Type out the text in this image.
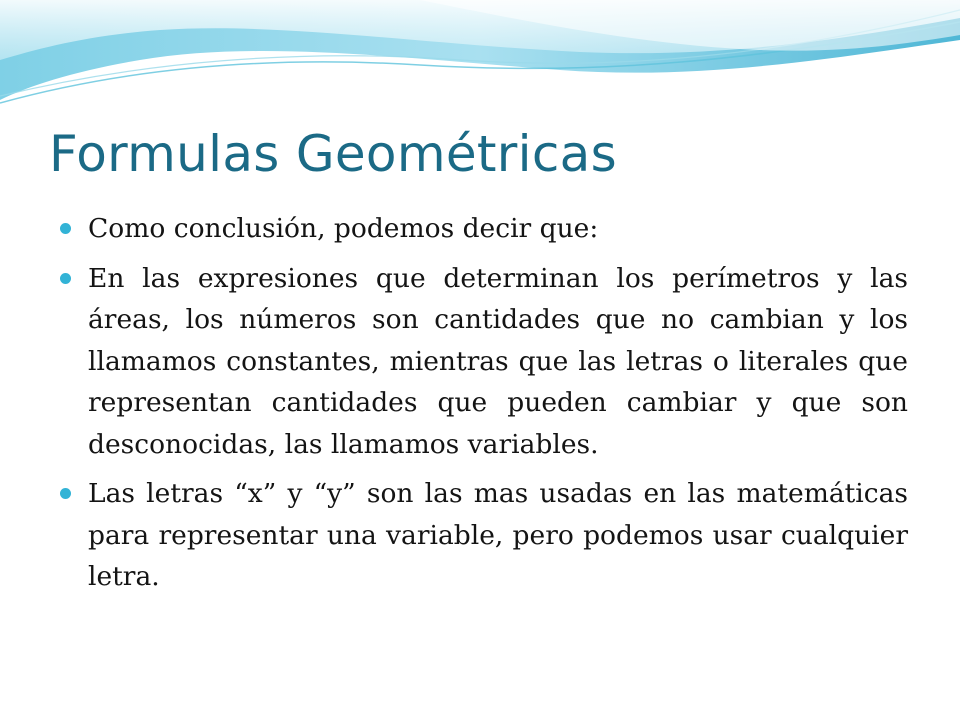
Formulas Geométricas
Como conclusión, podemos decir que:
En las expresiones que determinan los perímetros y las áreas, los números son cantidades que no cambian y los llamamos constantes, mientras que las letras o literales que representan cantidades que pueden cambiar y que son desconocidas, las llamamos variables.
Las letras “x” y “y” son las mas usadas en las matemáticas para representar una variable, pero podemos usar cualquier letra.
